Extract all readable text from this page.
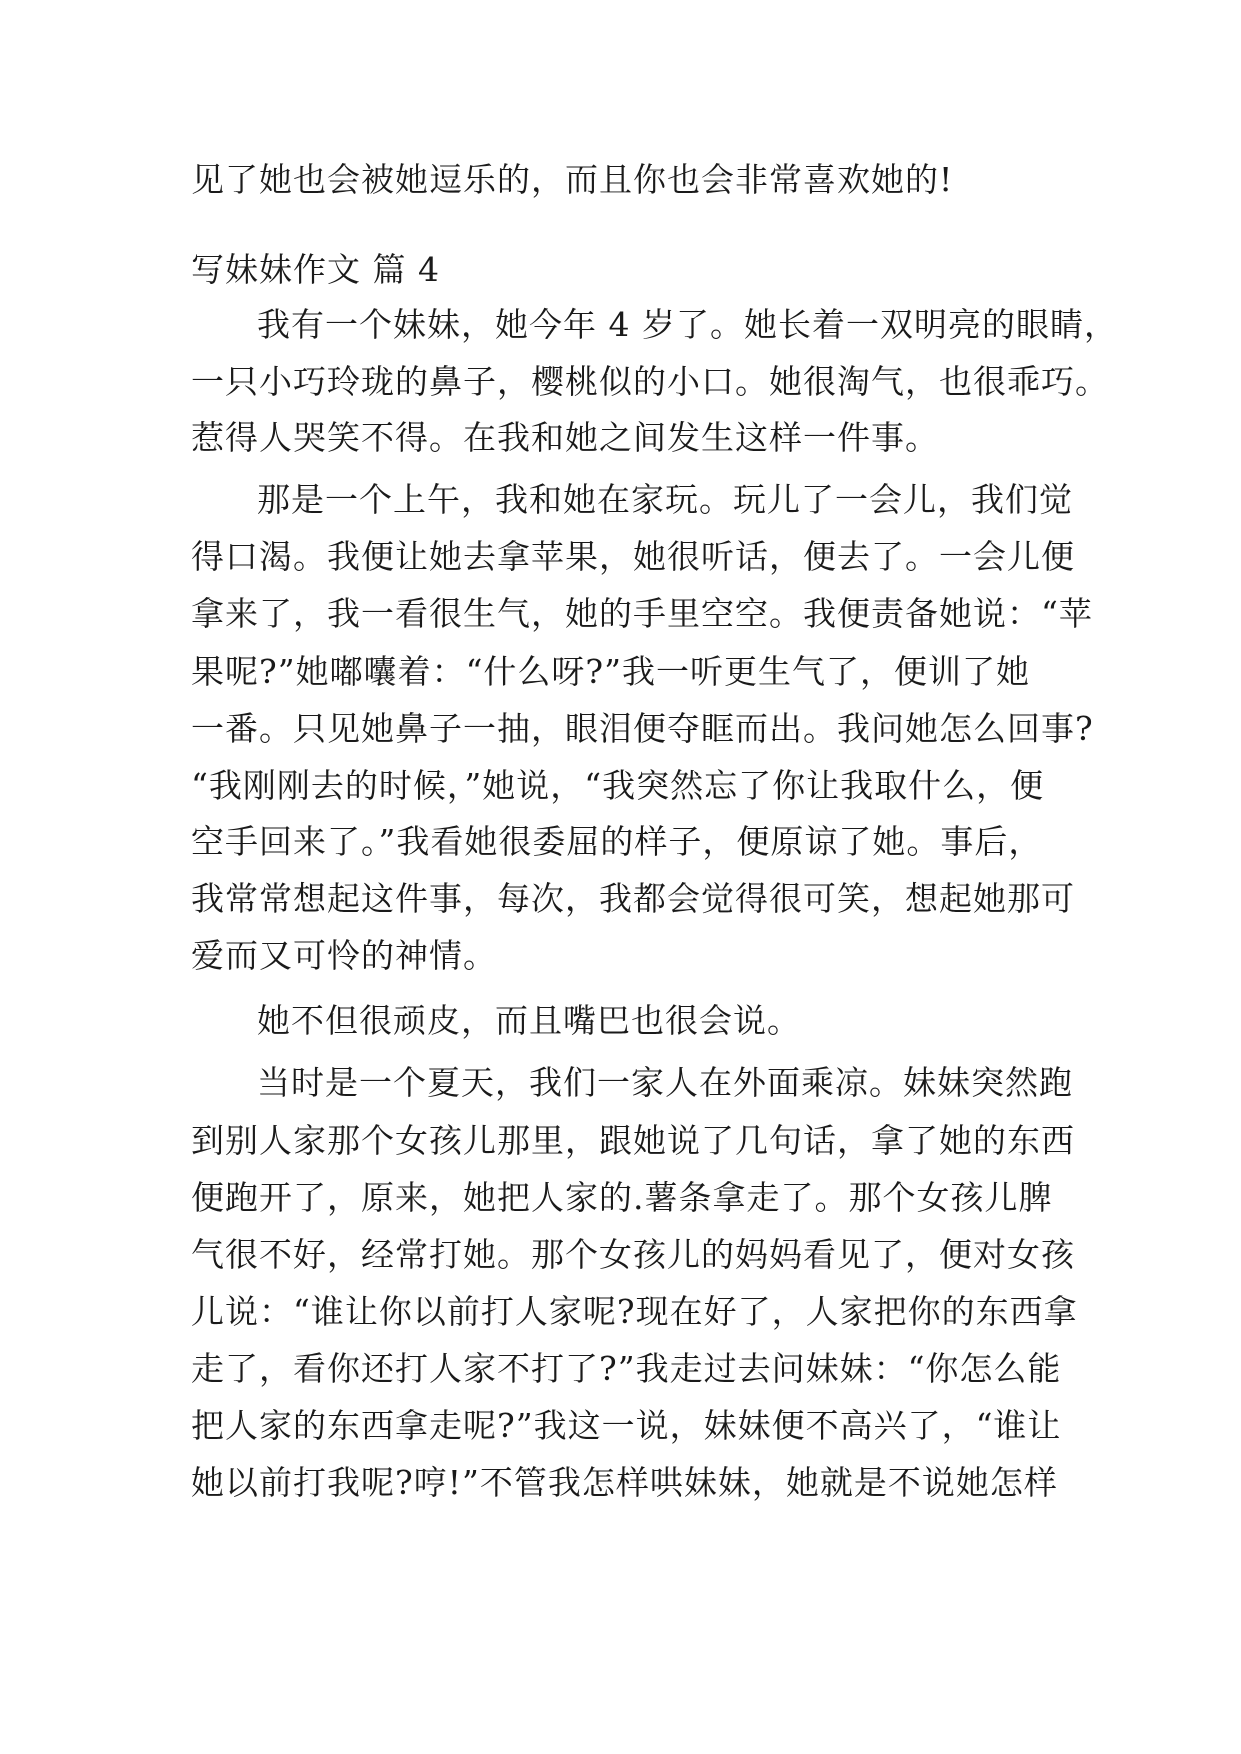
见了她也会被她逗乐的，而且你也会非常喜欢她的!

写妹妹作文 篇 4

我有一个妹妹，她今年 4 岁了。她长着一双明亮的眼睛，

一只小巧玲珑的鼻子，樱桃似的小口。她很淘气，也很乖巧。

惹得人哭笑不得。在我和她之间发生这样一件事。

那是一个上午，我和她在家玩。玩儿了一会儿，我们觉

得口渴。我便让她去拿苹果，她很听话，便去了。一会儿便

拿来了，我一看很生气，她的手里空空。我便责备她说：“苹

果呢?”她嘟囔着：“什么呀?”我一听更生气了，便训了她

一番。只见她鼻子一抽，眼泪便夺眶而出。我问她怎么回事?

“我刚刚去的时候，”她说，“我突然忘了你让我取什么，便

空手回来了。”我看她很委屈的样子，便原谅了她。事后，

我常常想起这件事，每次，我都会觉得很可笑，想起她那可

爱而又可怜的神情。

她不但很顽皮，而且嘴巴也很会说。

当时是一个夏天，我们一家人在外面乘凉。妹妹突然跑

到别人家那个女孩儿那里，跟她说了几句话，拿了她的东西

便跑开了，原来，她把人家的.薯条拿走了。那个女孩儿脾

气很不好，经常打她。那个女孩儿的妈妈看见了，便对女孩

儿说：“谁让你以前打人家呢?现在好了，人家把你的东西拿

走了，看你还打人家不打了?”我走过去问妹妹：“你怎么能

把人家的东西拿走呢?”我这一说，妹妹便不高兴了，“谁让

她以前打我呢?哼!”不管我怎样哄妹妹，她就是不说她怎样
